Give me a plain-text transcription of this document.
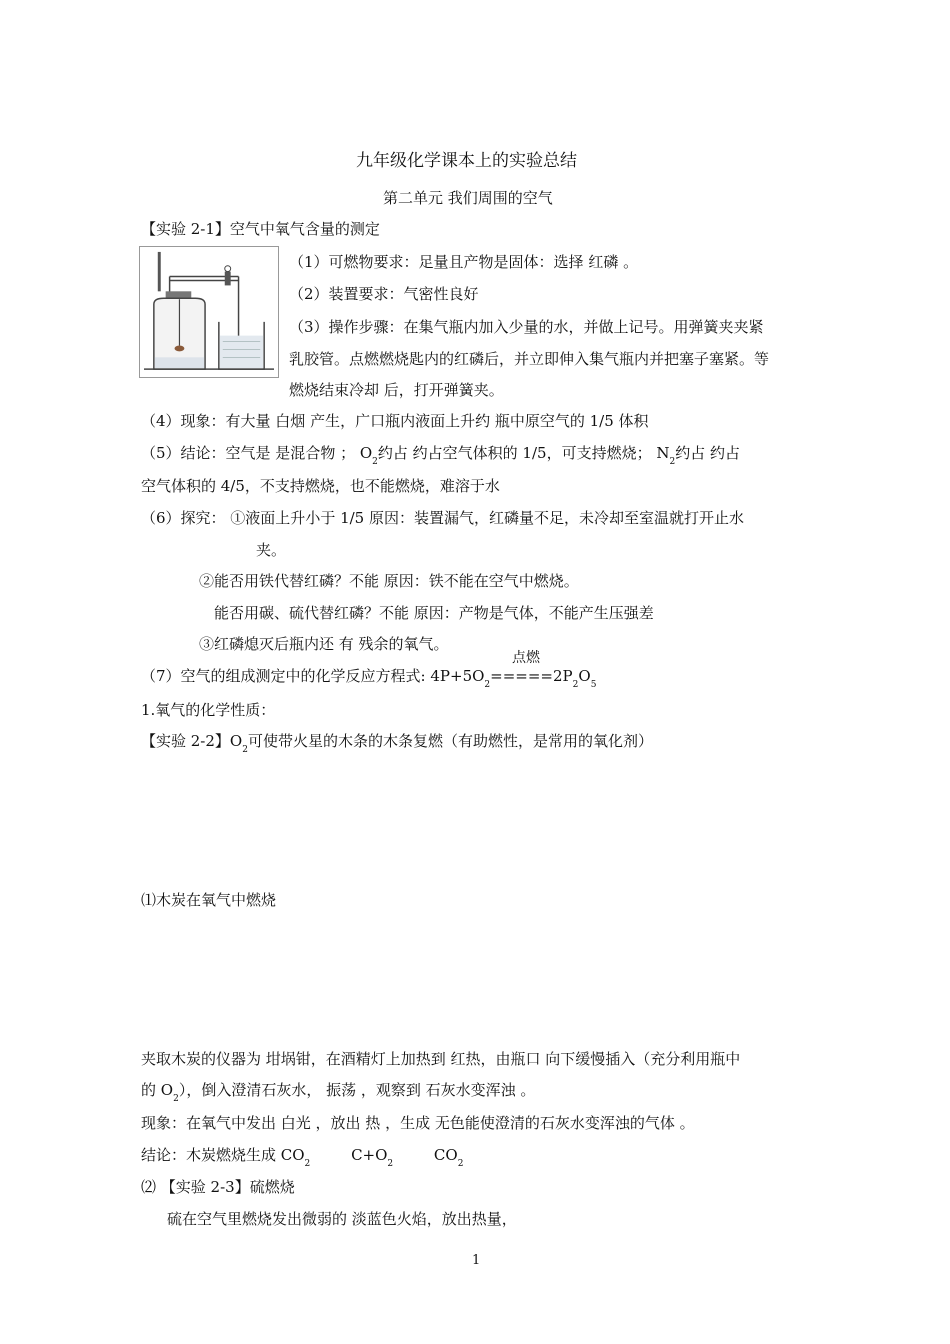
九年级化学课本上的实验总结
第二单元 我们周围的空气
【实验 2-1】空气中氧气含量的测定
（1）可燃物要求：足量且产物是固体：选择 红磷 。
（2）装置要求：气密性良好
（3）操作步骤：在集气瓶内加入少量的水，并做上记号。用弹簧夹夹紧
乳胶管。点燃燃烧匙内的红磷后，并立即伸入集气瓶内并把塞子塞紧。等
燃烧结束冷却 后，打开弹簧夹。
（4）现象：有大量 白烟 产生，广口瓶内液面上升约 瓶中原空气的 1/5 体积
（5）结论：空气是 是混合物 ； $O_2$约占 约占空气体积的 1/5，可支持燃烧； $N_2$约占 约占
空气体积的 4/5，不支持燃烧，也不能燃烧，难溶于水
（6）探究： ①液面上升小于 1/5 原因：装置漏气，红磷量不足，未冷却至室温就打开止水
夹。
②能否用铁代替红磷？不能 原因：铁不能在空气中燃烧。
能否用碳、硫代替红磷？不能 原因：产物是气体，不能产生压强差
③红磷熄灭后瓶内还 有 残余的氧气。
点燃
（7）空气的组成测定中的化学反应方程式: $4P+5O_2=====2P_2O_5$
1.氧气的化学性质：
【实验 2-2】$O_2$可使带火星的木条的木条复燃（有助燃性，是常用的氧化剂）
⑴木炭在氧气中燃烧
夹取木炭的仪器为 坩埚钳，在酒精灯上加热到 红热，由瓶口 向下缓慢插入（充分利用瓶中
的 $O_2$），倒入澄清石灰水， 振荡 ，观察到 石灰水变浑浊 。
现象：在氧气中发出 白光 ，放出 热 ，生成 无色能使澄清的石灰水变浑浊的气体 。
结论：木炭燃烧生成 $CO_2$	$C+O_2$	$CO_2$
⑵ 【实验 2-3】硫燃烧
硫在空气里燃烧发出微弱的 淡蓝色火焰，放出热量，
1
